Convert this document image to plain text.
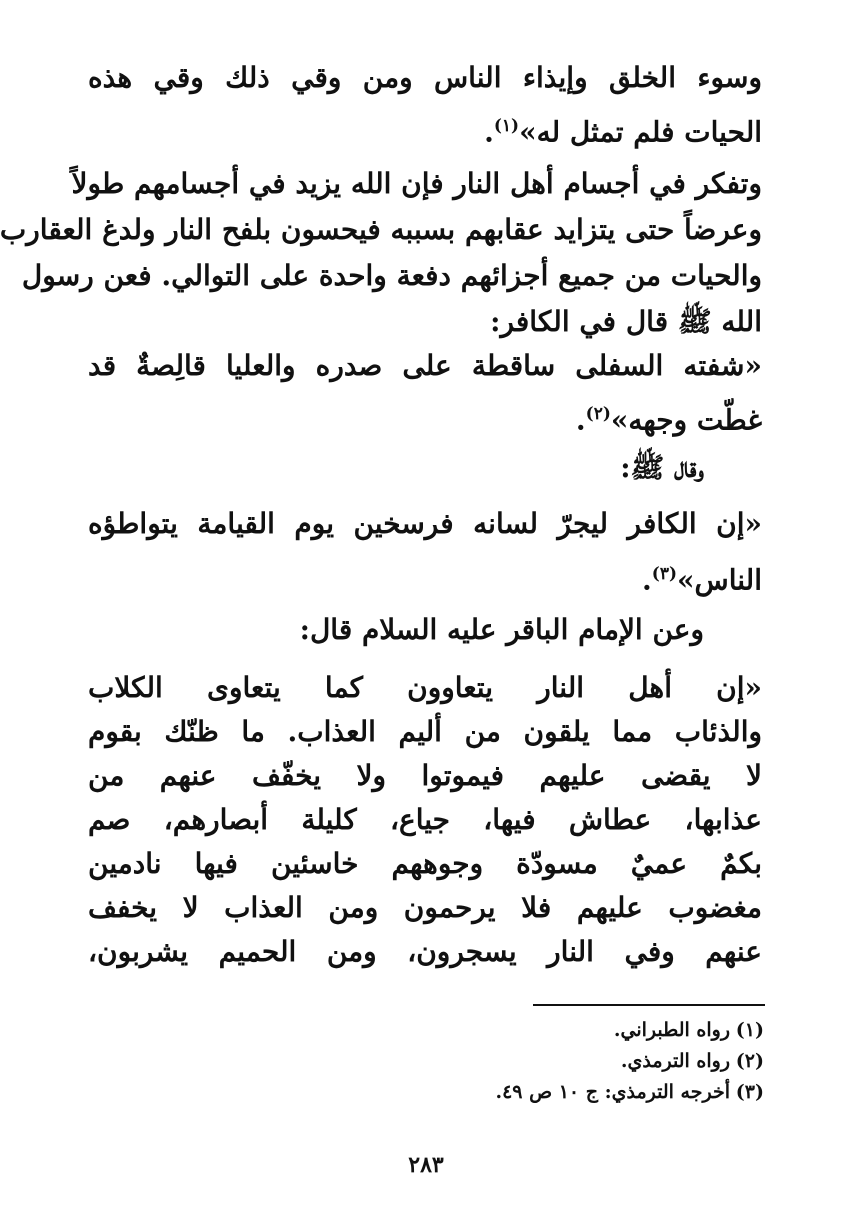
وسوء الخلق وإيذاء الناس ومن وقي ذلك وقي هذه
الحيات فلم تمثل له»$^{(١)}$.
وتفكر في أجسام أهل النار فإن الله يزيد في أجسامهم طولاً
وعرضاً حتى يتزايد عقابهم بسببه فيحسون بلفح النار ولدغ العقارب
والحيات من جميع أجزائهم دفعة واحدة على التوالي. فعن رسول
الله ﷺ قال في الكافر:
«شفته السفلى ساقطة على صدره والعليا قالِصةٌ قد
غطّت وجهه»$^{(٢)}$.
وقال ﷺ:
«إن الكافر ليجرّ لسانه فرسخين يوم القيامة يتواطؤه
الناس»$^{(٣)}$.
وعن الإمام الباقر عليه السلام قال:
«إن أهل النار يتعاوون كما يتعاوى الكلاب
والذئاب مما يلقون من أليم العذاب. ما ظنّك بقوم
لا يقضى عليهم فيموتوا ولا يخفّف عنهم من
عذابها، عطاش فيها، جياع، كليلة أبصارهم، صم
بكمٌ عميٌ مسودّة وجوههم خاسئين فيها نادمين
مغضوب عليهم فلا يرحمون ومن العذاب لا يخفف
عنهم وفي النار يسجرون، ومن الحميم يشربون،
(١)رواه الطبراني.
(٢)رواه الترمذي.
(٣)أخرجه الترمذي: ج ١٠ ص ٤٩.
٢٨٣
